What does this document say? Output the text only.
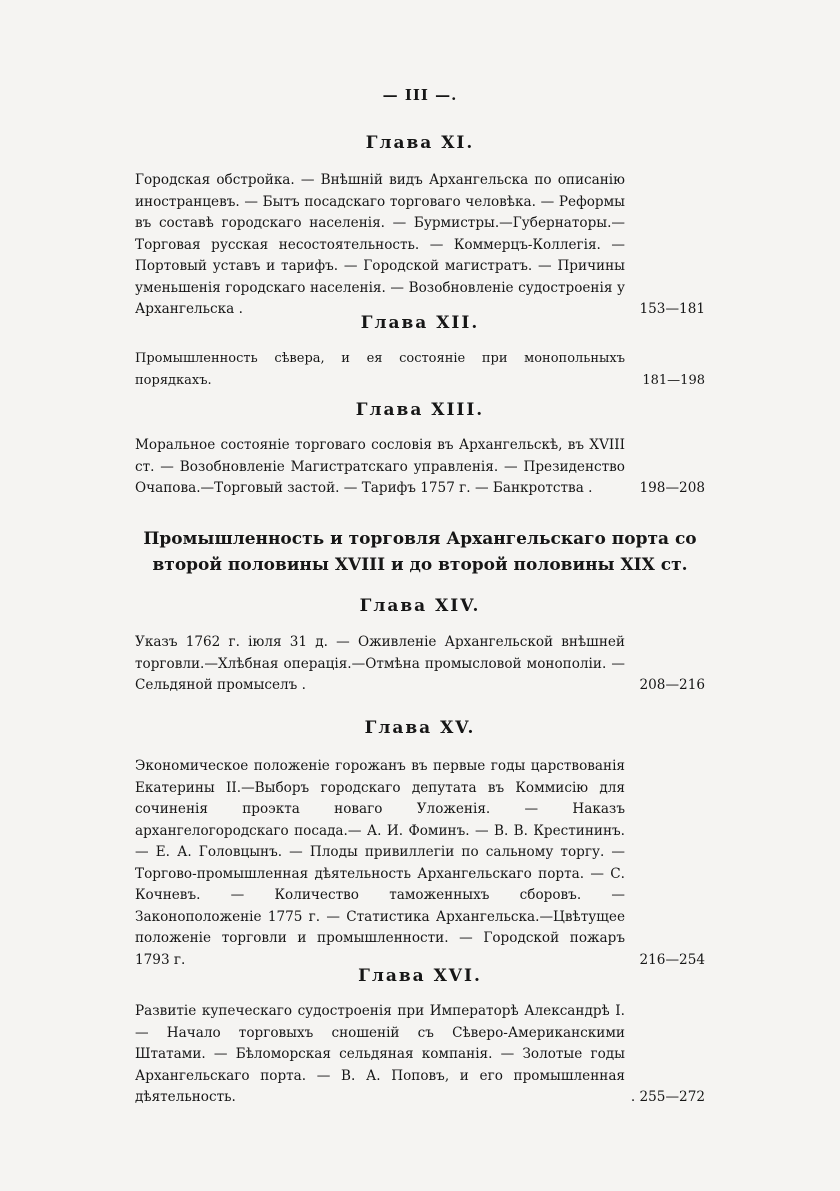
— III —.
Глава XI.
Городская обстройка. — Внѣшній видъ Архангельска по описанію иностранцевъ. — Бытъ посадскаго торговаго человѣка. — Реформы въ составѣ городскаго населенія. — Бурмистры.—Губернаторы.—Торговая русская несостоятельность. — Коммерцъ-Коллегія. — Портовый уставъ и тарифъ. — Городской магистратъ. — Причины уменьшенія городскаго населенія. — Возобновленіе судостроенія у Архангельска .	153—181
Глава XII.
Промышленность сѣвера, и ея состояніе при монопольныхъ порядкахъ.	181—198
Глава XIII.
Моральное состояніе торговаго сословія въ Архангельскѣ, въ XVIII ст. — Возобновленіе Магистратскаго управленія. — Президенство Очапова.—Торговый застой. — Тарифъ 1757 г. — Банкротства .	198—208
Промышленность и торговля Архангельскаго порта со второй половины XVIII и до второй половины XIX ст.
Глава XIV.
Указъ 1762 г. іюля 31 д. — Оживленіе Архангельской внѣшней торговли.—Хлѣбная операція.—Отмѣна промысловой монополіи. — Сельдяной промыселъ .	208—216
Глава XV.
Экономическое положеніе горожанъ въ первые годы царствованія Екатерины II.—Выборъ городскаго депутата въ Коммисію для сочиненія проэкта новаго Уложенія. — Наказъ архангелогородскаго посада.— А. И. Фоминъ. — В. В. Крестининъ. — Е. А. Головцынъ. — Плоды привиллегіи по сальному торгу. — Торгово-промышленная дѣятельность Архангельскаго порта. — С. Кочневъ. — Количество таможенныхъ сборовъ. — Законоположеніе 1775 г. — Статистика Архангельска.—Цвѣтущее положеніе торговли и промышленности. — Городской пожаръ 1793 г.	216—254
Глава XVI.
Развитіе купеческаго судостроенія при Императорѣ Александрѣ I. — Начало торговыхъ сношеній съ Сѣверо-Американскими Штатами. — Бѣломорская сельдяная компанія. — Золотые годы Архангельскаго порта. — В. А. Поповъ, и его промышленная дѣятельность.	. 255—272
